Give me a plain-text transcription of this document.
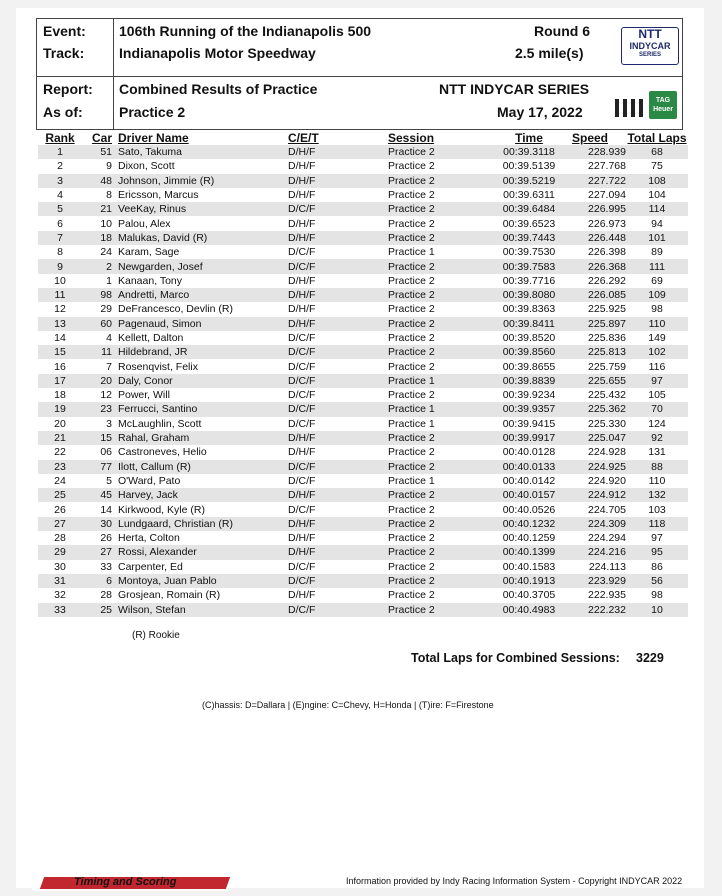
Event: 106th Running of the Indianapolis 500
Track: Indianapolis Motor Speedway
Round 6
2.5 mile(s)
Report: Combined Results of Practice
As of:	Practice 2
NTT INDYCAR SERIES
May 17, 2022
NTT
INDYCAR
SERIES
TAG Heuer
Rank	Car	Driver Name	C/E/T	Session	Time	Speed	Total Laps
1	51	Sato, Takuma	D/H/F	Practice 2	00:39.3118	228.939	68
2	9	Dixon, Scott	D/H/F	Practice 2	00:39.5139	227.768	75
3	48	Johnson, Jimmie (R)	D/H/F	Practice 2	00:39.5219	227.722	108
4	8	Ericsson, Marcus	D/H/F	Practice 2	00:39.6311	227.094	104
5	21	VeeKay, Rinus	D/C/F	Practice 2	00:39.6484	226.995	114
6	10	Palou, Alex	D/H/F	Practice 2	00:39.6523	226.973	94
7	18	Malukas, David (R)	D/H/F	Practice 2	00:39.7443	226.448	101
8	24	Karam, Sage	D/C/F	Practice 1	00:39.7530	226.398	89
9	2	Newgarden, Josef	D/C/F	Practice 2	00:39.7583	226.368	111
10	1	Kanaan, Tony	D/H/F	Practice 2	00:39.7716	226.292	69
11	98	Andretti, Marco	D/H/F	Practice 2	00:39.8080	226.085	109
12	29	DeFrancesco, Devlin (R)	D/H/F	Practice 2	00:39.8363	225.925	98
13	60	Pagenaud, Simon	D/H/F	Practice 2	00:39.8411	225.897	110
14	4	Kellett, Dalton	D/C/F	Practice 2	00:39.8520	225.836	149
15	11	Hildebrand, JR	D/C/F	Practice 2	00:39.8560	225.813	102
16	7	Rosenqvist, Felix	D/C/F	Practice 2	00:39.8655	225.759	116
17	20	Daly, Conor	D/C/F	Practice 1	00:39.8839	225.655	97
18	12	Power, Will	D/C/F	Practice 2	00:39.9234	225.432	105
19	23	Ferrucci, Santino	D/C/F	Practice 1	00:39.9357	225.362	70
20	3	McLaughlin, Scott	D/C/F	Practice 1	00:39.9415	225.330	124
21	15	Rahal, Graham	D/H/F	Practice 2	00:39.9917	225.047	92
22	06	Castroneves, Helio	D/H/F	Practice 2	00:40.0128	224.928	131
23	77	Ilott, Callum (R)	D/C/F	Practice 2	00:40.0133	224.925	88
24	5	O'Ward, Pato	D/C/F	Practice 1	00:40.0142	224.920	110
25	45	Harvey, Jack	D/H/F	Practice 2	00:40.0157	224.912	132
26	14	Kirkwood, Kyle (R)	D/C/F	Practice 2	00:40.0526	224.705	103
27	30	Lundgaard, Christian (R)	D/H/F	Practice 2	00:40.1232	224.309	118
28	26	Herta, Colton	D/H/F	Practice 2	00:40.1259	224.294	97
29	27	Rossi, Alexander	D/H/F	Practice 2	00:40.1399	224.216	95
30	33	Carpenter, Ed	D/C/F	Practice 2	00:40.1583	224.113	86
31	6	Montoya, Juan Pablo	D/C/F	Practice 2	00:40.1913	223.929	56
32	28	Grosjean, Romain (R)	D/H/F	Practice 2	00:40.3705	222.935	98
33	25	Wilson, Stefan	D/C/F	Practice 2	00:40.4983	222.232	10
(R) Rookie
Total Laps for Combined Sessions: 3229
(C)hassis: D=Dallara | (E)ngine: C=Chevy, H=Honda | (T)ire: F=Firestone
Timing and Scoring	Information provided by Indy Racing Information System - Copyright INDYCAR 2022
